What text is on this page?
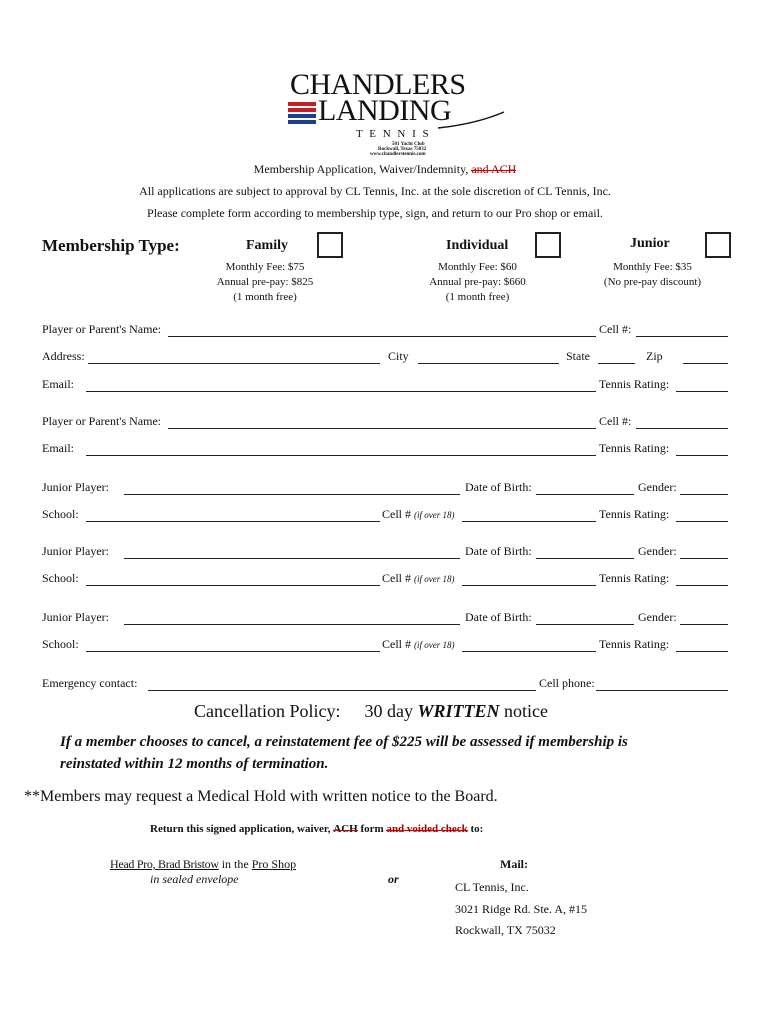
CHANDLERS
LANDING
T E N N I S
501 Yacht Club
Rockwall, Texas 75032
www.chandlerstennis.com
Membership Application, Waiver/Indemnity, and ACH
All applications are subject to approval by CL Tennis, Inc. at the sole discretion of CL Tennis, Inc.
Please complete form according to membership type, sign, and return to our Pro shop or email.
Membership Type:	Family
Monthly Fee: $75
Annual pre-pay: $825
(1 month free)
Individual
Monthly Fee: $60
Annual pre-pay: $660
(1 month free)
Junior
Monthly Fee: $35
(No pre-pay discount)
Player or Parent's Name:	Cell #:
Address:	City	State	Zip
Email:	Tennis Rating:
Player or Parent's Name:	Cell #:
Email:	Tennis Rating:
Junior Player:	Date of Birth:	Gender:
School:	Cell # (if over 18)	Tennis Rating:
Junior Player:	Date of Birth:	Gender:
School:	Cell # (if over 18)	Tennis Rating:
Junior Player:	Date of Birth:	Gender:
School:	Cell # (if over 18)	Tennis Rating:
Emergency contact:	Cell phone:
Cancellation Policy: 30 day WRITTEN notice
If a member chooses to cancel, a reinstatement fee of $225 will be assessed if membership is
reinstated within 12 months of termination.
**Members may request a Medical Hold with written notice to the Board.
Return this signed application, waiver, ACH form and voided check to:
Head Pro, Brad Bristow in the Pro Shop
in sealed envelope	or
Mail:
CL Tennis, Inc.
3021 Ridge Rd. Ste. A, #15
Rockwall, TX 75032
